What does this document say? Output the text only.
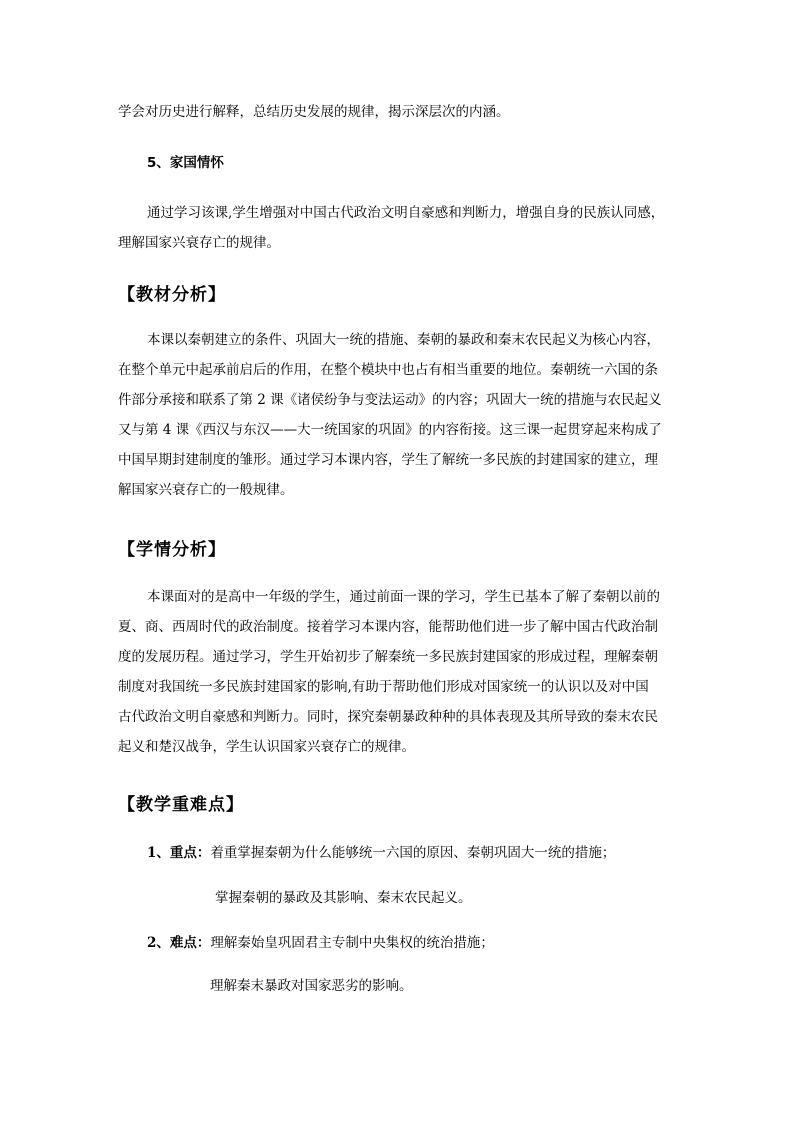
学会对历史进行解释，总结历史发展的规律，揭示深层次的内涵。
5、家国情怀
通过学习该课,学生增强对中国古代政治文明自豪感和判断力，增强自身的民族认同感，
理解国家兴衰存亡的规律。
【教材分析】
本课以秦朝建立的条件、巩固大一统的措施、秦朝的暴政和秦末农民起义为核心内容，
在整个单元中起承前启后的作用，在整个模块中也占有相当重要的地位。秦朝统一六国的条
件部分承接和联系了第 2 课《诸侯纷争与变法运动》的内容；巩固大一统的措施与农民起义
又与第 4 课《西汉与东汉——大一统国家的巩固》的内容衔接。这三课一起贯穿起来构成了
中国早期封建制度的雏形。通过学习本课内容，学生了解统一多民族的封建国家的建立，理
解国家兴衰存亡的一般规律。
【学情分析】
本课面对的是高中一年级的学生，通过前面一课的学习，学生已基本了解了秦朝以前的
夏、商、西周时代的政治制度。接着学习本课内容，能帮助他们进一步了解中国古代政治制
度的发展历程。通过学习，学生开始初步了解秦统一多民族封建国家的形成过程，理解秦朝
制度对我国统一多民族封建国家的影响,有助于帮助他们形成对国家统一的认识以及对中国
古代政治文明自豪感和判断力。同时，探究秦朝暴政种种的具体表现及其所导致的秦末农民
起义和楚汉战争，学生认识国家兴衰存亡的规律。
【教学重难点】
1、重点：着重掌握秦朝为什么能够统一六国的原因、秦朝巩固大一统的措施；
掌握秦朝的暴政及其影响、秦末农民起义。
2、难点：理解秦始皇巩固君主专制中央集权的统治措施；
理解秦末暴政对国家恶劣的影响。
